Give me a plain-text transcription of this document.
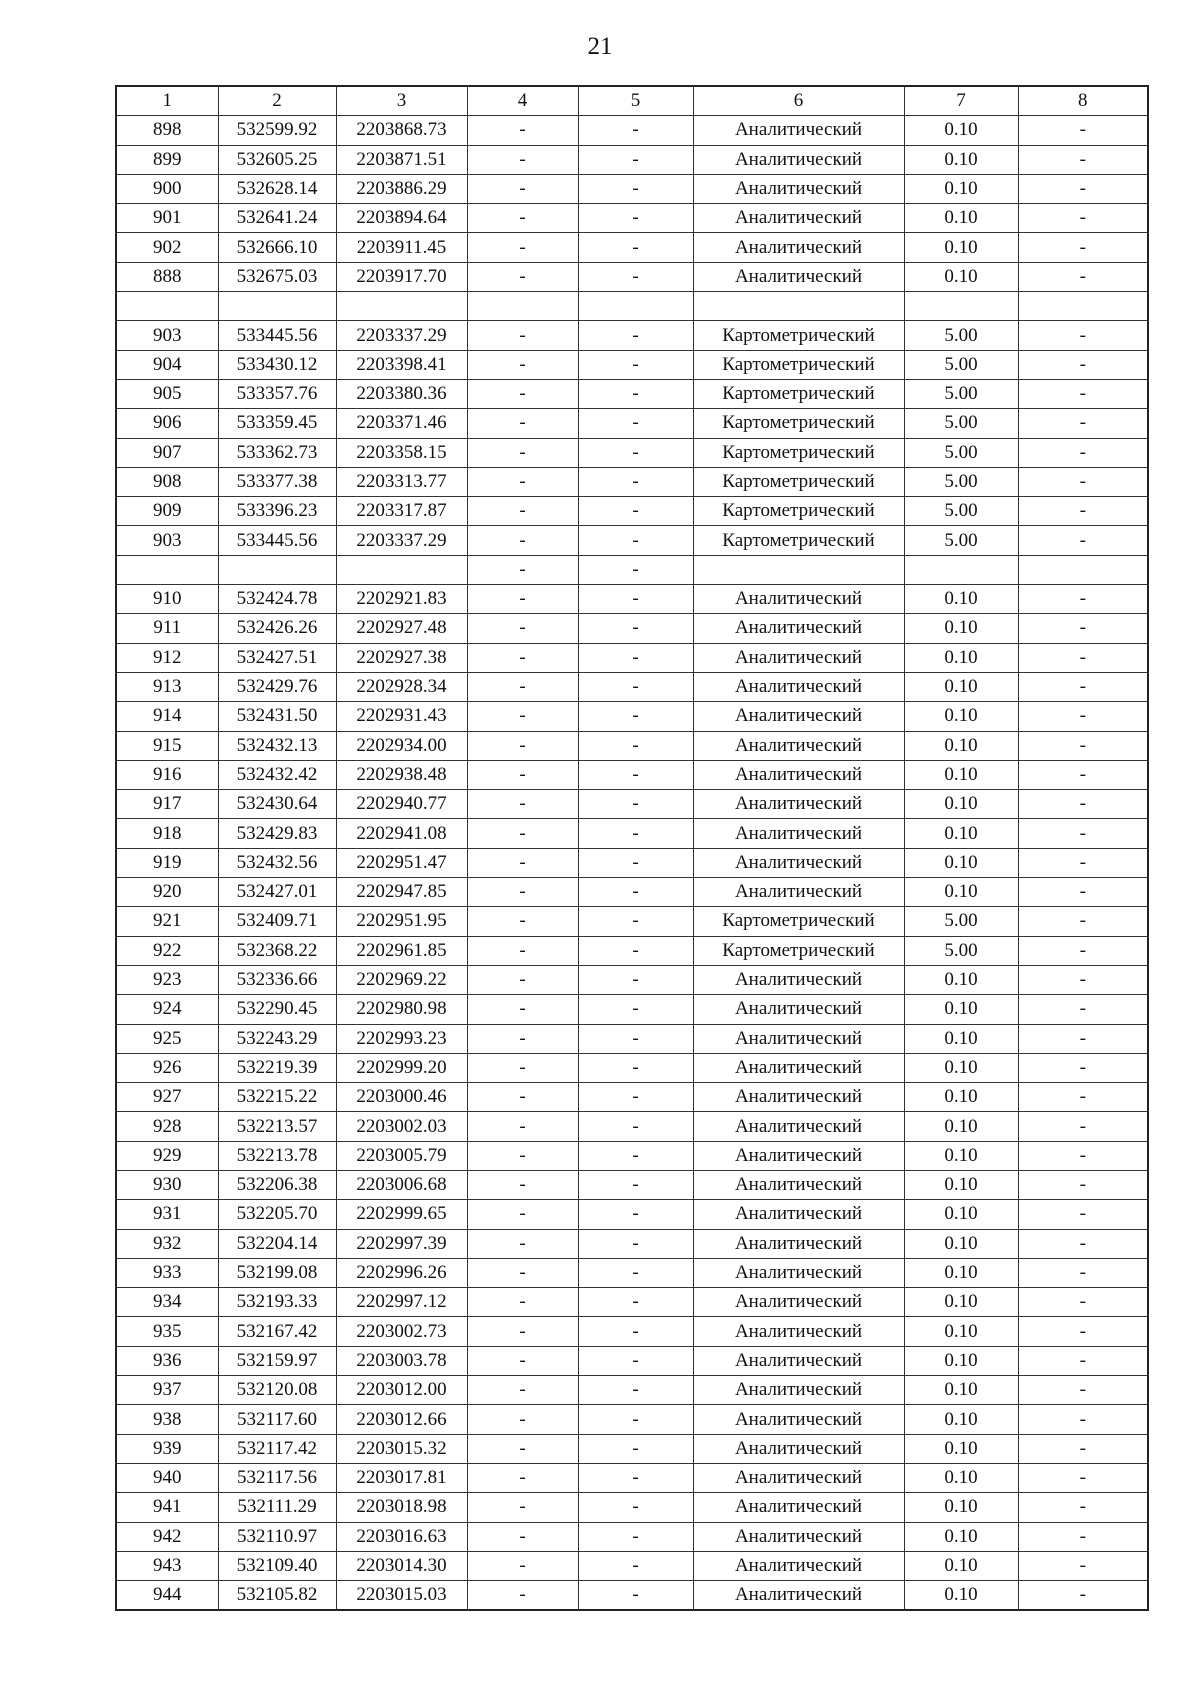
21
1	2	3	4	5	6	7	8
898	532599.92	2203868.73	-	-	Аналитический	0.10	-
899	532605.25	2203871.51	-	-	Аналитический	0.10	-
900	532628.14	2203886.29	-	-	Аналитический	0.10	-
901	532641.24	2203894.64	-	-	Аналитический	0.10	-
902	532666.10	2203911.45	-	-	Аналитический	0.10	-
888	532675.03	2203917.70	-	-	Аналитический	0.10	-

903	533445.56	2203337.29	-	-	Картометрический	5.00	-
904	533430.12	2203398.41	-	-	Картометрический	5.00	-
905	533357.76	2203380.36	-	-	Картометрический	5.00	-
906	533359.45	2203371.46	-	-	Картометрический	5.00	-
907	533362.73	2203358.15	-	-	Картометрический	5.00	-
908	533377.38	2203313.77	-	-	Картометрический	5.00	-
909	533396.23	2203317.87	-	-	Картометрический	5.00	-
903	533445.56	2203337.29	-	-	Картометрический	5.00	-
			-	-			
910	532424.78	2202921.83	-	-	Аналитический	0.10	-
911	532426.26	2202927.48	-	-	Аналитический	0.10	-
912	532427.51	2202927.38	-	-	Аналитический	0.10	-
913	532429.76	2202928.34	-	-	Аналитический	0.10	-
914	532431.50	2202931.43	-	-	Аналитический	0.10	-
915	532432.13	2202934.00	-	-	Аналитический	0.10	-
916	532432.42	2202938.48	-	-	Аналитический	0.10	-
917	532430.64	2202940.77	-	-	Аналитический	0.10	-
918	532429.83	2202941.08	-	-	Аналитический	0.10	-
919	532432.56	2202951.47	-	-	Аналитический	0.10	-
920	532427.01	2202947.85	-	-	Аналитический	0.10	-
921	532409.71	2202951.95	-	-	Картометрический	5.00	-
922	532368.22	2202961.85	-	-	Картометрический	5.00	-
923	532336.66	2202969.22	-	-	Аналитический	0.10	-
924	532290.45	2202980.98	-	-	Аналитический	0.10	-
925	532243.29	2202993.23	-	-	Аналитический	0.10	-
926	532219.39	2202999.20	-	-	Аналитический	0.10	-
927	532215.22	2203000.46	-	-	Аналитический	0.10	-
928	532213.57	2203002.03	-	-	Аналитический	0.10	-
929	532213.78	2203005.79	-	-	Аналитический	0.10	-
930	532206.38	2203006.68	-	-	Аналитический	0.10	-
931	532205.70	2202999.65	-	-	Аналитический	0.10	-
932	532204.14	2202997.39	-	-	Аналитический	0.10	-
933	532199.08	2202996.26	-	-	Аналитический	0.10	-
934	532193.33	2202997.12	-	-	Аналитический	0.10	-
935	532167.42	2203002.73	-	-	Аналитический	0.10	-
936	532159.97	2203003.78	-	-	Аналитический	0.10	-
937	532120.08	2203012.00	-	-	Аналитический	0.10	-
938	532117.60	2203012.66	-	-	Аналитический	0.10	-
939	532117.42	2203015.32	-	-	Аналитический	0.10	-
940	532117.56	2203017.81	-	-	Аналитический	0.10	-
941	532111.29	2203018.98	-	-	Аналитический	0.10	-
942	532110.97	2203016.63	-	-	Аналитический	0.10	-
943	532109.40	2203014.30	-	-	Аналитический	0.10	-
944	532105.82	2203015.03	-	-	Аналитический	0.10	-
